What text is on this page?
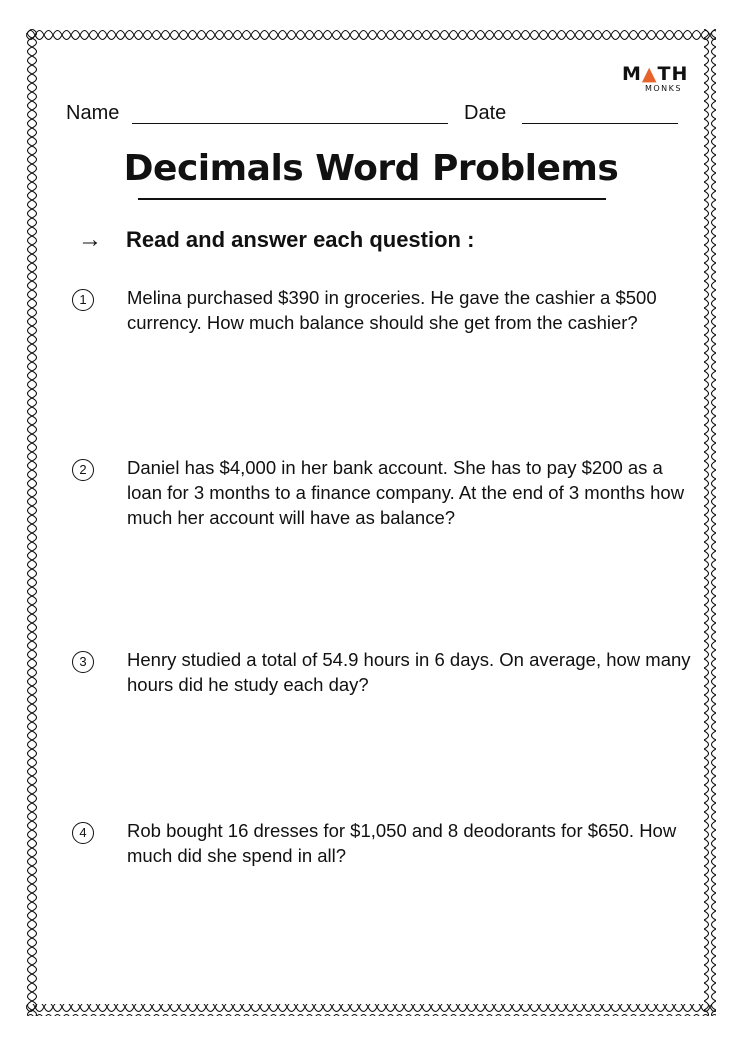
M▲TH
MONKS
Name	Date
Decimals Word Problems
→ Read and answer each question :
1	Melina purchased $390 in groceries. He gave the cashier a $500 currency. How much balance should she get from the cashier?
2	Daniel has $4,000 in her bank account. She has to pay $200 as a loan for 3 months to a finance company. At the end of 3 months how much her account will have as balance?
3	Henry studied a total of 54.9 hours in 6 days. On average, how many hours did he study each day?
4	Rob bought 16 dresses for $1,050 and 8 deodorants for $650. How much did she spend in all?
